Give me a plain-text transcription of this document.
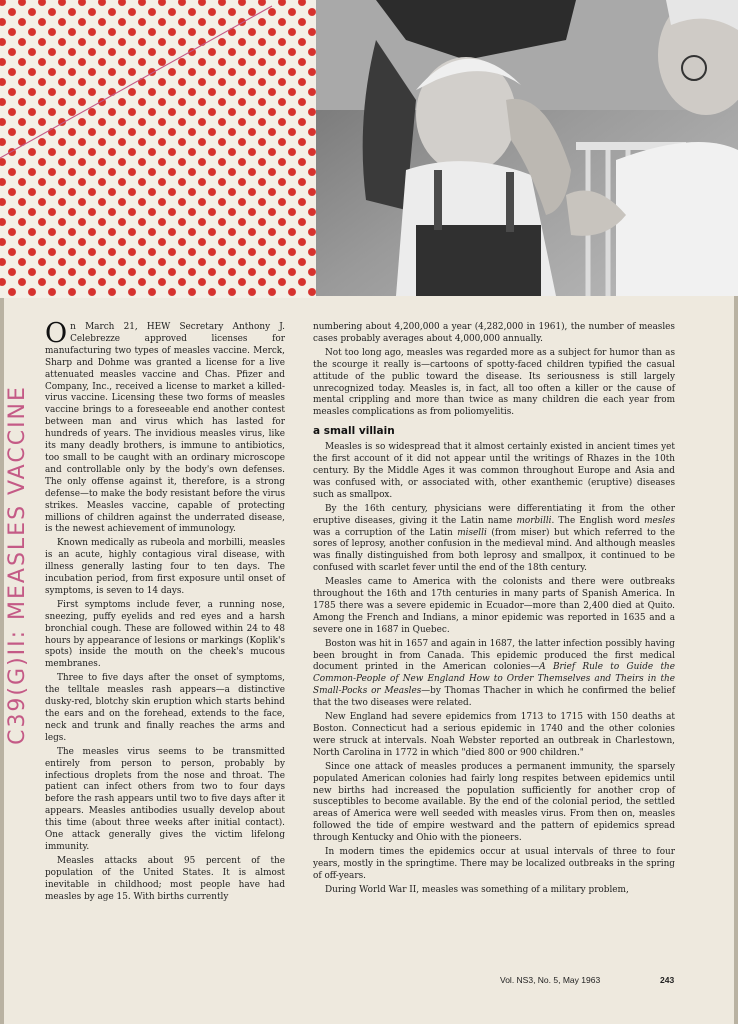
C39(G)II: MEASLES VACCINE

On March 21, HEW Secretary Anthony J. Celebrezze approved licenses for manufacturing two types of measles vaccine. Merck, Sharp and Dohme was granted a license for a live attenuated measles vaccine and Chas. Pfizer and Company, Inc., received a license to market a killed-virus vaccine. Licensing these two forms of measles vaccine brings to a foreseeable end another contest between man and virus which has lasted for hundreds of years. The invidious measles virus, like its many deadly brothers, is immune to antibiotics, too small to be caught with an ordinary microscope and controllable only by the body's own defenses. The only offense against it, therefore, is a strong defense—to make the body resistant before the virus strikes. Measles vaccine, capable of protecting millions of children against the underrated disease, is the newest achievement of immunology.

Known medically as rubeola and morbilli, measles is an acute, highly contagious viral disease, with illness generally lasting four to ten days. The incubation period, from first exposure until onset of symptoms, is seven to 14 days.

First symptoms include fever, a running nose, sneezing, puffy eyelids and red eyes and a harsh bronchial cough. These are followed within 24 to 48 hours by appearance of lesions or markings (Koplik's spots) inside the mouth on the cheek's mucous membranes.

Three to five days after the onset of symptoms, the telltale measles rash appears—a distinctive dusky-red, blotchy skin eruption which starts behind the ears and on the forehead, extends to the face, neck and trunk and finally reaches the arms and legs.

The measles virus seems to be transmitted entirely from person to person, probably by infectious droplets from the nose and throat. The patient can infect others from two to four days before the rash appears until two to five days after it appears. Measles antibodies usually develop about this time (about three weeks after initial contact). One attack generally gives the victim lifelong immunity.

Measles attacks about 95 percent of the population of the United States. It is almost inevitable in childhood; most people have had measles by age 15. With births currently

numbering about 4,200,000 a year (4,282,000 in 1961), the number of measles cases probably averages about 4,000,000 annually.

Not too long ago, measles was regarded more as a subject for humor than as the scourge it really is—cartoons of spotty-faced children typified the casual attitude of the public toward the disease. Its seriousness is still largely unrecognized today. Measles is, in fact, all too often a killer or the cause of mental crippling and more than twice as many children die each year from measles complications as from poliomyelitis.

a small villain

Measles is so widespread that it almost certainly existed in ancient times yet the first account of it did not appear until the writings of Rhazes in the 10th century. By the Middle Ages it was common throughout Europe and Asia and was confused with, or associated with, other exanthemic (eruptive) diseases such as smallpox.

By the 16th century, physicians were differentiating it from the other eruptive diseases, giving it the Latin name morbilli. The English word mesles was a corruption of the Latin miselli (from miser) but which referred to the sores of leprosy, another confusion in the medieval mind. And although measles was finally distinguished from both leprosy and smallpox, it continued to be confused with scarlet fever until the end of the 18th century.

Measles came to America with the colonists and there were outbreaks throughout the 16th and 17th centuries in many parts of Spanish America. In 1785 there was a severe epidemic in Ecuador—more than 2,400 died at Quito. Among the French and Indians, a minor epidemic was reported in 1635 and a severe one in 1687 in Quebec.

Boston was hit in 1657 and again in 1687, the latter infection possibly having been brought in from Canada. This epidemic produced the first medical document printed in the American colonies—A Brief Rule to Guide the Common-People of New England How to Order Themselves and Theirs in the Small-Pocks or Measles—by Thomas Thacher in which he confirmed the belief that the two diseases were related.

New England had severe epidemics from 1713 to 1715 with 150 deaths at Boston. Connecticut had a serious epidemic in 1740 and the other colonies were struck at intervals. Noah Webster reported an outbreak in Charlestown, North Carolina in 1772 in which "died 800 or 900 children."

Since one attack of measles produces a permanent immunity, the sparsely populated American colonies had fairly long respites between epidemics until new births had increased the population sufficiently for another crop of susceptibles to become available. By the end of the colonial period, the settled areas of America were well seeded with measles virus. From then on, measles followed the tide of empire westward and the pattern of epidemics spread through Kentucky and Ohio with the pioneers.

In modern times the epidemics occur at usual intervals of three to four years, mostly in the springtime. There may be localized outbreaks in the spring of off-years.

During World War II, measles was something of a military problem,

Vol. NS3, No. 5, May 1963	243
